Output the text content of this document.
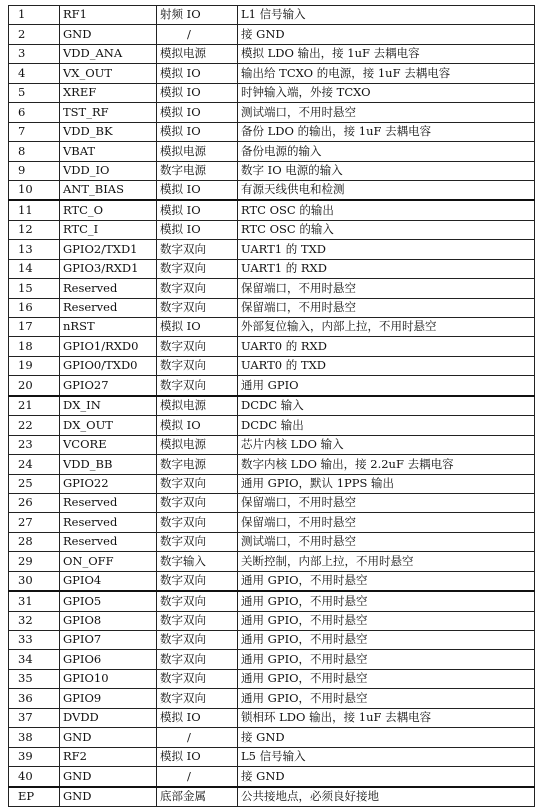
1	RF1	射频 IO	L1 信号输入
2	GND	/	接 GND
3	VDD_ANA	模拟电源	模拟 LDO 输出，接 1uF 去耦电容
4	VX_OUT	模拟 IO	输出给 TCXO 的电源，接 1uF 去耦电容
5	XREF	模拟 IO	时钟输入端，外接 TCXO
6	TST_RF	模拟 IO	测试端口，不用时悬空
7	VDD_BK	模拟 IO	备份 LDO 的输出，接 1uF 去耦电容
8	VBAT	模拟电源	备份电源的输入
9	VDD_IO	数字电源	数字 IO 电源的输入
10	ANT_BIAS	模拟 IO	有源天线供电和检测
11	RTC_O	模拟 IO	RTC OSC 的输出
12	RTC_I	模拟 IO	RTC OSC 的输入
13	GPIO2/TXD1	数字双向	UART1 的 TXD
14	GPIO3/RXD1	数字双向	UART1 的 RXD
15	Reserved	数字双向	保留端口，不用时悬空
16	Reserved	数字双向	保留端口，不用时悬空
17	nRST	模拟 IO	外部复位输入，内部上拉，不用时悬空
18	GPIO1/RXD0	数字双向	UART0 的 RXD
19	GPIO0/TXD0	数字双向	UART0 的 TXD
20	GPIO27	数字双向	通用 GPIO
21	DX_IN	模拟电源	DCDC 输入
22	DX_OUT	模拟 IO	DCDC 输出
23	VCORE	模拟电源	芯片内核 LDO 输入
24	VDD_BB	数字电源	数字内核 LDO 输出，接 2.2uF 去耦电容
25	GPIO22	数字双向	通用 GPIO，默认 1PPS 输出
26	Reserved	数字双向	保留端口，不用时悬空
27	Reserved	数字双向	保留端口，不用时悬空
28	Reserved	数字双向	测试端口，不用时悬空
29	ON_OFF	数字输入	关断控制，内部上拉，不用时悬空
30	GPIO4	数字双向	通用 GPIO，不用时悬空
31	GPIO5	数字双向	通用 GPIO，不用时悬空
32	GPIO8	数字双向	通用 GPIO，不用时悬空
33	GPIO7	数字双向	通用 GPIO，不用时悬空
34	GPIO6	数字双向	通用 GPIO，不用时悬空
35	GPIO10	数字双向	通用 GPIO，不用时悬空
36	GPIO9	数字双向	通用 GPIO，不用时悬空
37	DVDD	模拟 IO	锁相环 LDO 输出，接 1uF 去耦电容
38	GND	/	接 GND
39	RF2	模拟 IO	L5 信号输入
40	GND	/	接 GND
EP	GND	底部金属	公共接地点，必须良好接地
